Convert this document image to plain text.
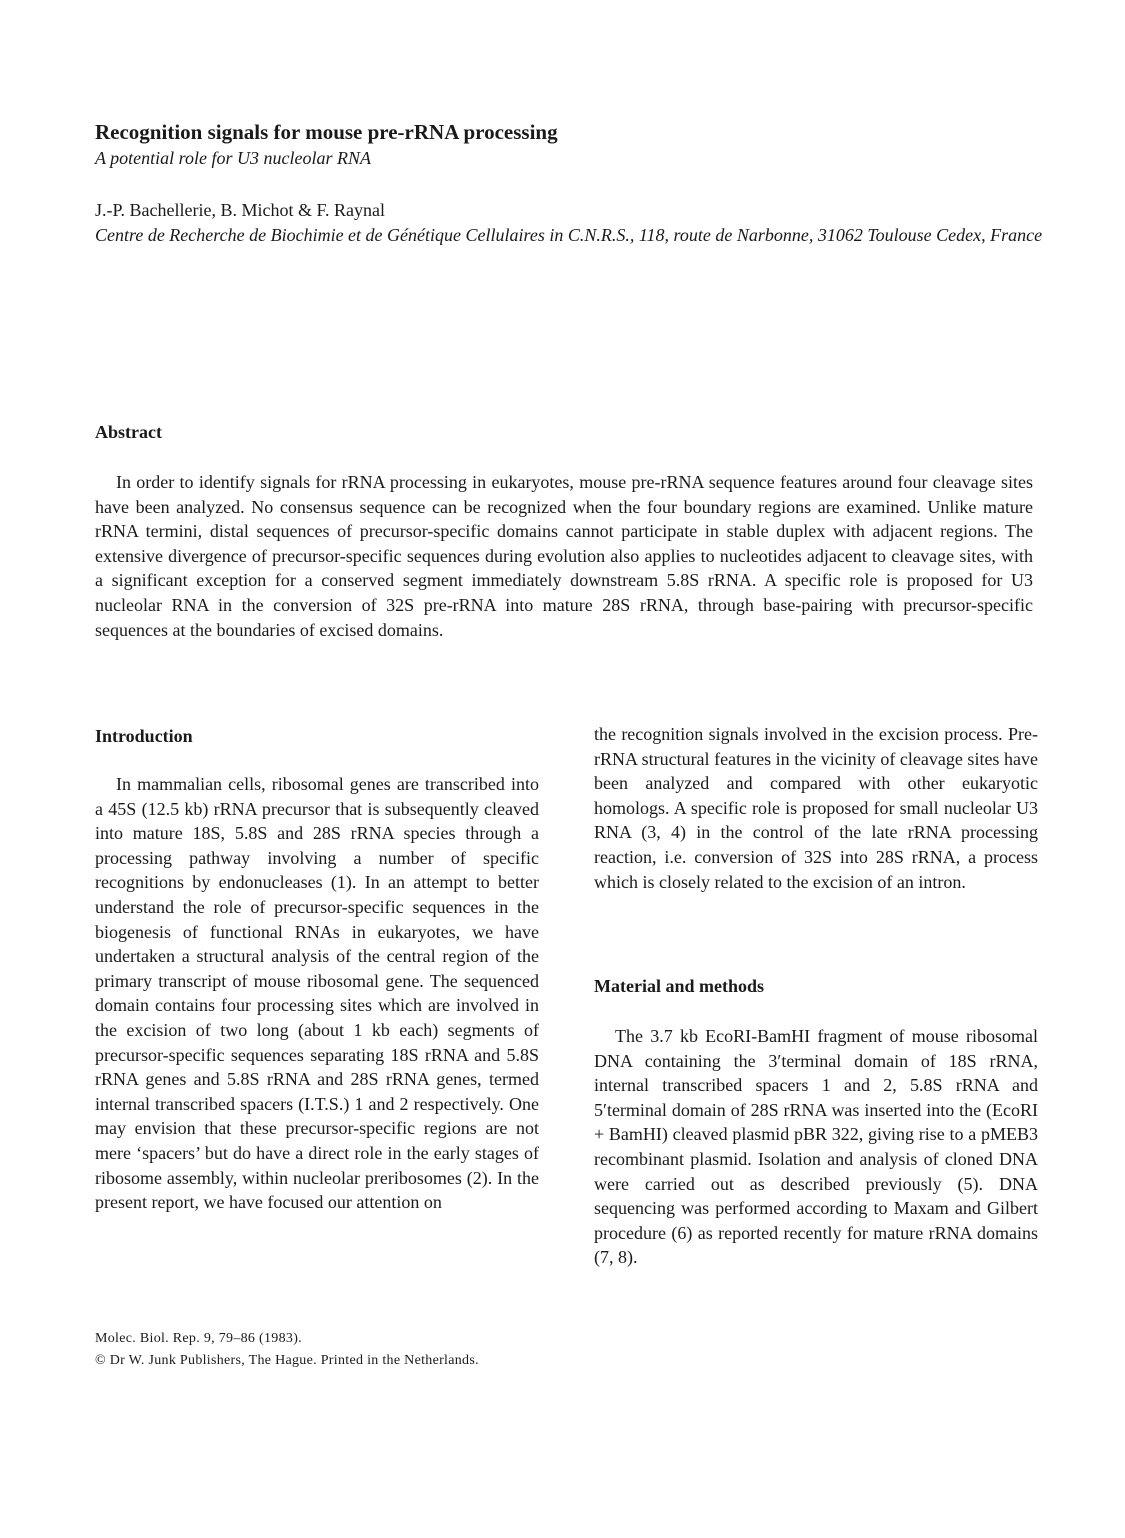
Recognition signals for mouse pre-rRNA processing
A potential role for U3 nucleolar RNA
J.-P. Bachellerie, B. Michot & F. Raynal
Centre de Recherche de Biochimie et de Génétique Cellulaires in C.N.R.S., 118, route de Narbonne, 31062 Toulouse Cedex, France
Abstract

In order to identify signals for rRNA processing in eukaryotes, mouse pre-rRNA sequence features around four cleavage sites have been analyzed. No consensus sequence can be recognized when the four boundary regions are examined. Unlike mature rRNA termini, distal sequences of precursor-specific domains cannot participate in stable duplex with adjacent regions. The extensive divergence of precursor-specific sequences during evolution also applies to nucleotides adjacent to cleavage sites, with a significant exception for a conserved segment immediately downstream 5.8S rRNA. A specific role is proposed for U3 nucleolar RNA in the conversion of 32S pre-rRNA into mature 28S rRNA, through base-pairing with precursor-specific sequences at the boundaries of excised domains.

Introduction

In mammalian cells, ribosomal genes are transcribed into a 45S (12.5 kb) rRNA precursor that is subsequently cleaved into mature 18S, 5.8S and 28S rRNA species through a processing pathway involving a number of specific recognitions by endonucleases (1). In an attempt to better understand the role of precursor-specific sequences in the biogenesis of functional RNAs in eukaryotes, we have undertaken a structural analysis of the central region of the primary transcript of mouse ribosomal gene. The sequenced domain contains four processing sites which are involved in the excision of two long (about 1 kb each) segments of precursor-specific sequences separating 18S rRNA and 5.8S rRNA genes and 5.8S rRNA and 28S rRNA genes, termed internal transcribed spacers (I.T.S.) 1 and 2 respectively. One may envision that these precursor-specific regions are not mere ‘spacers’ but do have a direct role in the early stages of ribosome assembly, within nucleolar preribosomes (2). In the present report, we have focused our attention on

the recognition signals involved in the excision process. Pre-rRNA structural features in the vicinity of cleavage sites have been analyzed and compared with other eukaryotic homologs. A specific role is proposed for small nucleolar U3 RNA (3, 4) in the control of the late rRNA processing reaction, i.e. conversion of 32S into 28S rRNA, a process which is closely related to the excision of an intron.

Material and methods

The 3.7 kb EcoRI-BamHI fragment of mouse ribosomal DNA containing the 3′terminal domain of 18S rRNA, internal transcribed spacers 1 and 2, 5.8S rRNA and 5′terminal domain of 28S rRNA was inserted into the (EcoRI + BamHI) cleaved plasmid pBR 322, giving rise to a pMEB3 recombinant plasmid. Isolation and analysis of cloned DNA were carried out as described previously (5). DNA sequencing was performed according to Maxam and Gilbert procedure (6) as reported recently for mature rRNA domains (7, 8).

Molec. Biol. Rep. 9, 79–86 (1983).
© Dr W. Junk Publishers, The Hague. Printed in the Netherlands.
